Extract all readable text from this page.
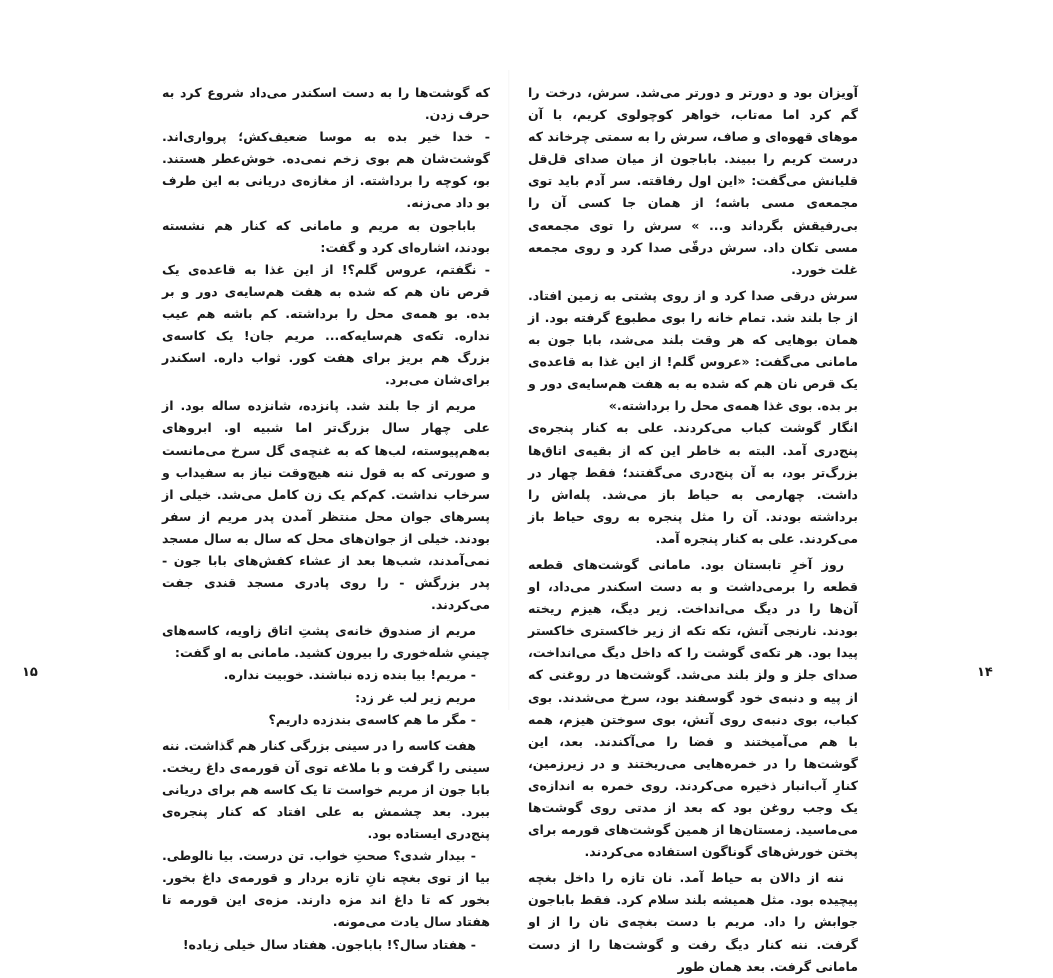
که گوشت‌ها را به دست اسکندر می‌داد شروع کرد به حرف زدن.

- خدا خیر بده به موسا ضعیف‌کش؛ پرواری‌اند. گوشت‌شان هم بوی زخم نمی‌ده. خوش‌عطر هستند. بو، کوچه را برداشته. از مغازه‌ی دریانی به این طرف بو داد می‌زنه.

باباجون به مریم و مامانی که کنار هم نشسته بودند، اشاره‌ای کرد و گفت:

- نگفتم، عروس گلم؟! از این غذا به قاعده‌ی یک قرص نان هم که شده به هفت هم‌سایه‌ی دور و بر بده. بو همه‌ی محل را برداشته. کم باشه هم عیب نداره. تکه‌ی هم‌سایه‌که... مریم جان! یک کاسه‌ی بزرگ هم بریز برای هفت کور. ثواب داره. اسکندر برای‌شان می‌برد.

مریم از جا بلند شد. پانزده، شانزده ساله بود. از علی چهار سال بزرگ‌تر اما شبیه او. ابروهای به‌هم‌پیوسته، لب‌ها که به غنچه‌ی گل سرخ می‌مانست و صورتی که به قول ننه هیچ‌وقت نیاز به سفیداب و سرخاب نداشت. کم‌کم یک زن کامل می‌شد. خیلی از پسرهای جوان محل منتظر آمدن پدر مریم از سفر بودند. خیلی از جوان‌های محل که سال به سال مسجد نمی‌آمدند، شب‌ها بعد از عشاء کفش‌های بابا جون - پدر بزرگش - را روی پادری مسجد قندی جفت می‌کردند.

مریم از صندوق خانه‌ی پشتِ اتاق زاویه، کاسه‌های چینیِ شله‌خوری را بیرون کشید. مامانی به او گفت:

- مریم! بیا بنده زده نباشند. خوبیت نداره.

مریم زیر لب غر زد:

- مگر ما هم کاسه‌ی بندزده داریم؟

هفت کاسه را در سینی بزرگی کنار هم گذاشت. ننه سینی را گرفت و با ملاغه توی آن قورمه‌ی داغ ریخت. بابا جون از مریم خواست تا یک کاسه هم برای دریانی ببرد. بعد چشمش به علی افتاد که کنار پنجره‌ی پنج‌دری ایستاده بود.

- بیدار شدی؟ صحتِ خواب. تن درست. بیا نالوطی. بیا از توی بغچه نانِ تازه بردار و قورمه‌ی داغ بخور. بخور که تا داغ اند مزه دارند. مزه‌ی این قورمه تا هفتاد سال یادت می‌مونه.

- هفتاد سال؟! باباجون. هفتاد سال خیلی زیاده!

آویزان بود و دورتر و دورتر می‌شد. سرش، درخت را گم کرد اما مه‌تاب، خواهر کوچولوی کریم، با آن موهای قهوه‌ای و صاف، سرش را به سمتی چرخاند که درست کریم را ببیند. باباجون از میان صدای قل‌قل قلیانش می‌گفت: «این اول رفاقته. سر آدم باید توی مجمعه‌ی مسی باشه؛ از همان جا کسی آن را بی‌رفیقش بگرداند و... » سرش را توی مجمعه‌ی مسی تکان داد. سرش درقّی صدا کرد و روی مجمعه غلت خورد.

سرش درقی صدا کرد و از روی پشتی به زمین افتاد. از جا بلند شد. تمام خانه را بوی مطبوع گرفته بود. از همان بوهایی که هر وقت بلند می‌شد، بابا جون به مامانی می‌گفت: «عروس گلم! از این غذا به قاعده‌ی یک قرص نان هم که شده به به هفت هم‌سایه‌ی دور و بر بده. بوی غذا همه‌ی محل را برداشته.»

انگار گوشت کباب می‌کردند. علی به کنار پنجره‌ی پنج‌دری آمد. البته به خاطر این که از بقیه‌ی اتاق‌ها بزرگ‌تر بود، به آن پنج‌دری می‌گفتند؛ فقط چهار در داشت. چهارمی به حیاط باز می‌شد. پله‌اش را برداشته بودند. آن را مثل پنجره به روی حیاط باز می‌کردند. علی به کنار پنجره آمد.

روز آخرِ تابستان بود. مامانی گوشت‌های قطعه قطعه را برمی‌داشت و به دست اسکندر می‌داد، او آن‌ها را در دیگ می‌انداخت. زیر دیگ، هیزم ریخته بودند. نارنجی آتش، تکه تکه از زیر خاکستری خاکستر پیدا بود. هر تکه‌ی گوشت را که داخل دیگ می‌انداخت، صدای جلز و ولز بلند می‌شد. گوشت‌ها در روغنی که از پیه و دنبه‌ی خود گوسفند بود، سرخ می‌شدند. بوی کباب، بوی دنبه‌ی روی آتش، بوی سوختن هیزم، همه با هم می‌آمیختند و فضا را می‌آکندند. بعد، این گوشت‌ها را در خمره‌هایی می‌ریختند و در زیرزمین، کنارِ آب‌انبار ذخیره می‌کردند. روی خمره به اندازه‌ی یک وجب روغن بود که بعد از مدتی روی گوشت‌ها می‌ماسید. زمستان‌ها از همین گوشت‌های قورمه برای پختن خورش‌های گوناگون استفاده می‌کردند.

ننه از دالان به حیاط آمد. نان تازه را داخل بغچه پیچیده بود. مثل همیشه بلند سلام کرد. فقط باباجون جوابش را داد. مریم با دست بغچه‌ی نان را از او گرفت. ننه کنار دیگ رفت و گوشت‌ها را از دست مامانی گرفت. بعد همان طور

۱۵	۱۴
